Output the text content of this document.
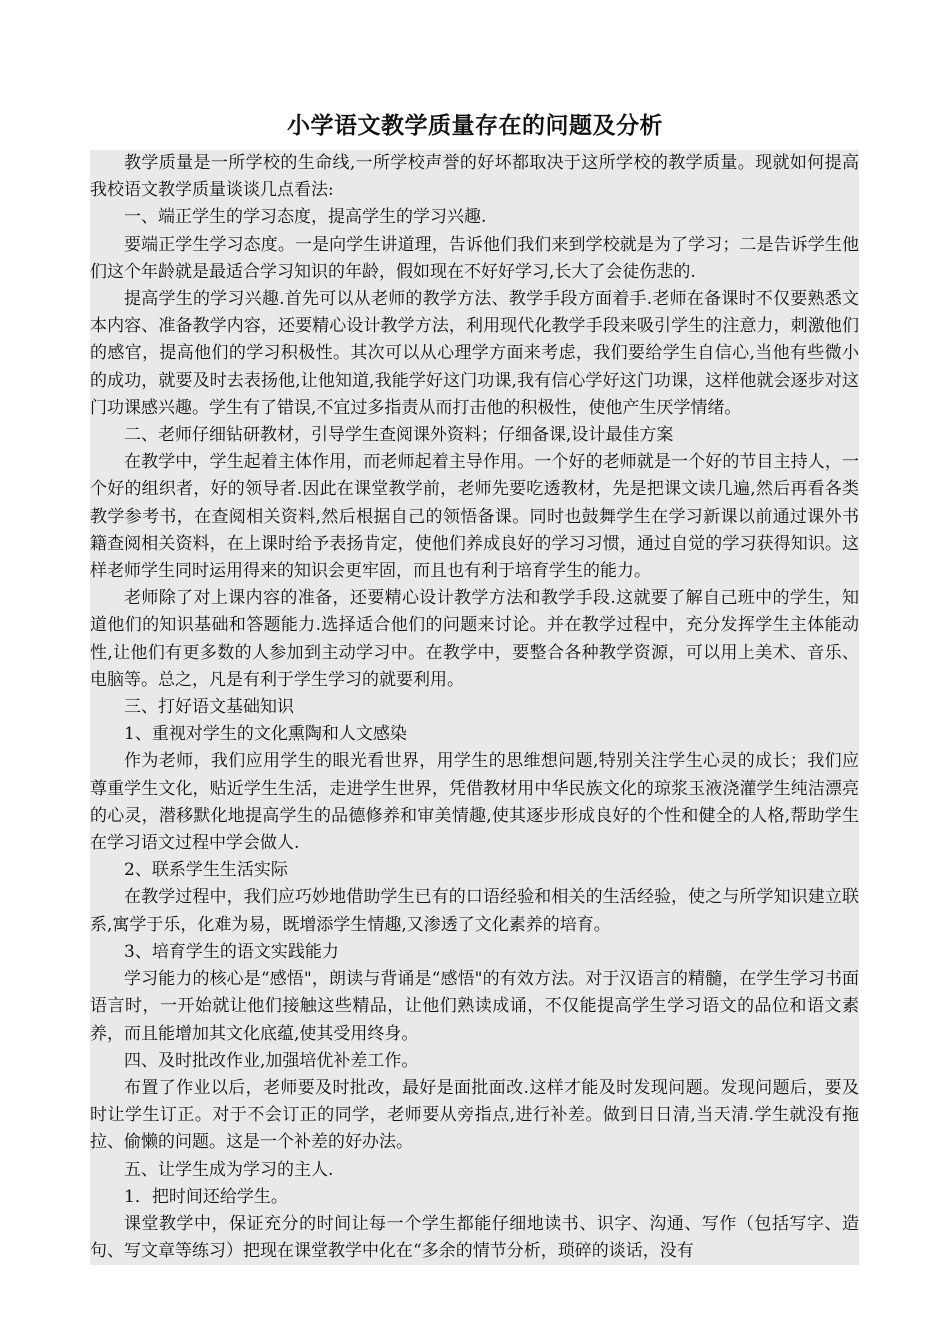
小学语文教学质量存在的问题及分析

教学质量是一所学校的生命线,一所学校声誉的好坏都取决于这所学校的教学质量。现就如何提高我校语文教学质量谈谈几点看法:

一、端正学生的学习态度，提高学生的学习兴趣.

要端正学生学习态度。一是向学生讲道理，告诉他们我们来到学校就是为了学习；二是告诉学生他们这个年龄就是最适合学习知识的年龄，假如现在不好好学习,长大了会徒伤悲的.

提高学生的学习兴趣.首先可以从老师的教学方法、教学手段方面着手.老师在备课时不仅要熟悉文本内容、准备教学内容，还要精心设计教学方法，利用现代化教学手段来吸引学生的注意力，刺激他们的感官，提高他们的学习积极性。其次可以从心理学方面来考虑，我们要给学生自信心,当他有些微小的成功，就要及时去表扬他,让他知道,我能学好这门功课,我有信心学好这门功课，这样他就会逐步对这门功课感兴趣。学生有了错误,不宜过多指责从而打击他的积极性，使他产生厌学情绪。

二、老师仔细钻研教材，引导学生查阅课外资料；仔细备课,设计最佳方案

在教学中，学生起着主体作用，而老师起着主导作用。一个好的老师就是一个好的节目主持人，一个好的组织者，好的领导者.因此在课堂教学前，老师先要吃透教材，先是把课文读几遍,然后再看各类教学参考书，在查阅相关资料,然后根据自己的领悟备课。同时也鼓舞学生在学习新课以前通过课外书籍查阅相关资料，在上课时给予表扬肯定，使他们养成良好的学习习惯，通过自觉的学习获得知识。这样老师学生同时运用得来的知识会更牢固，而且也有利于培育学生的能力。

老师除了对上课内容的准备，还要精心设计教学方法和教学手段.这就要了解自己班中的学生，知道他们的知识基础和答题能力.选择适合他们的问题来讨论。并在教学过程中，充分发挥学生主体能动性,让他们有更多数的人参加到主动学习中。在教学中，要整合各种教学资源，可以用上美术、音乐、电脑等。总之，凡是有利于学生学习的就要利用。

三、打好语文基础知识

1、重视对学生的文化熏陶和人文感染

作为老师，我们应用学生的眼光看世界，用学生的思维想问题,特别关注学生心灵的成长；我们应尊重学生文化，贴近学生生活，走进学生世界，凭借教材用中华民族文化的琼浆玉液浇灌学生纯洁漂亮的心灵，潜移默化地提高学生的品德修养和审美情趣,使其逐步形成良好的个性和健全的人格,帮助学生在学习语文过程中学会做人.

2、联系学生生活实际

在教学过程中，我们应巧妙地借助学生已有的口语经验和相关的生活经验，使之与所学知识建立联系,寓学于乐，化难为易，既增添学生情趣,又渗透了文化素养的培育。

3、培育学生的语文实践能力

学习能力的核心是“感悟"，朗读与背诵是“感悟"的有效方法。对于汉语言的精髓，在学生学习书面语言时，一开始就让他们接触这些精品，让他们熟读成诵，不仅能提高学生学习语文的品位和语文素养，而且能增加其文化底蕴,使其受用终身。

四、及时批改作业,加强培优补差工作。

布置了作业以后，老师要及时批改，最好是面批面改.这样才能及时发现问题。发现问题后，要及时让学生订正。对于不会订正的同学，老师要从旁指点,进行补差。做到日日清,当天清.学生就没有拖拉、偷懒的问题。这是一个补差的好办法。

五、让学生成为学习的主人.

1．把时间还给学生。

课堂教学中，保证充分的时间让每一个学生都能仔细地读书、识字、沟通、写作（包括写字、造句、写文章等练习）把现在课堂教学中化在“多余的情节分析，琐碎的谈话，没有
